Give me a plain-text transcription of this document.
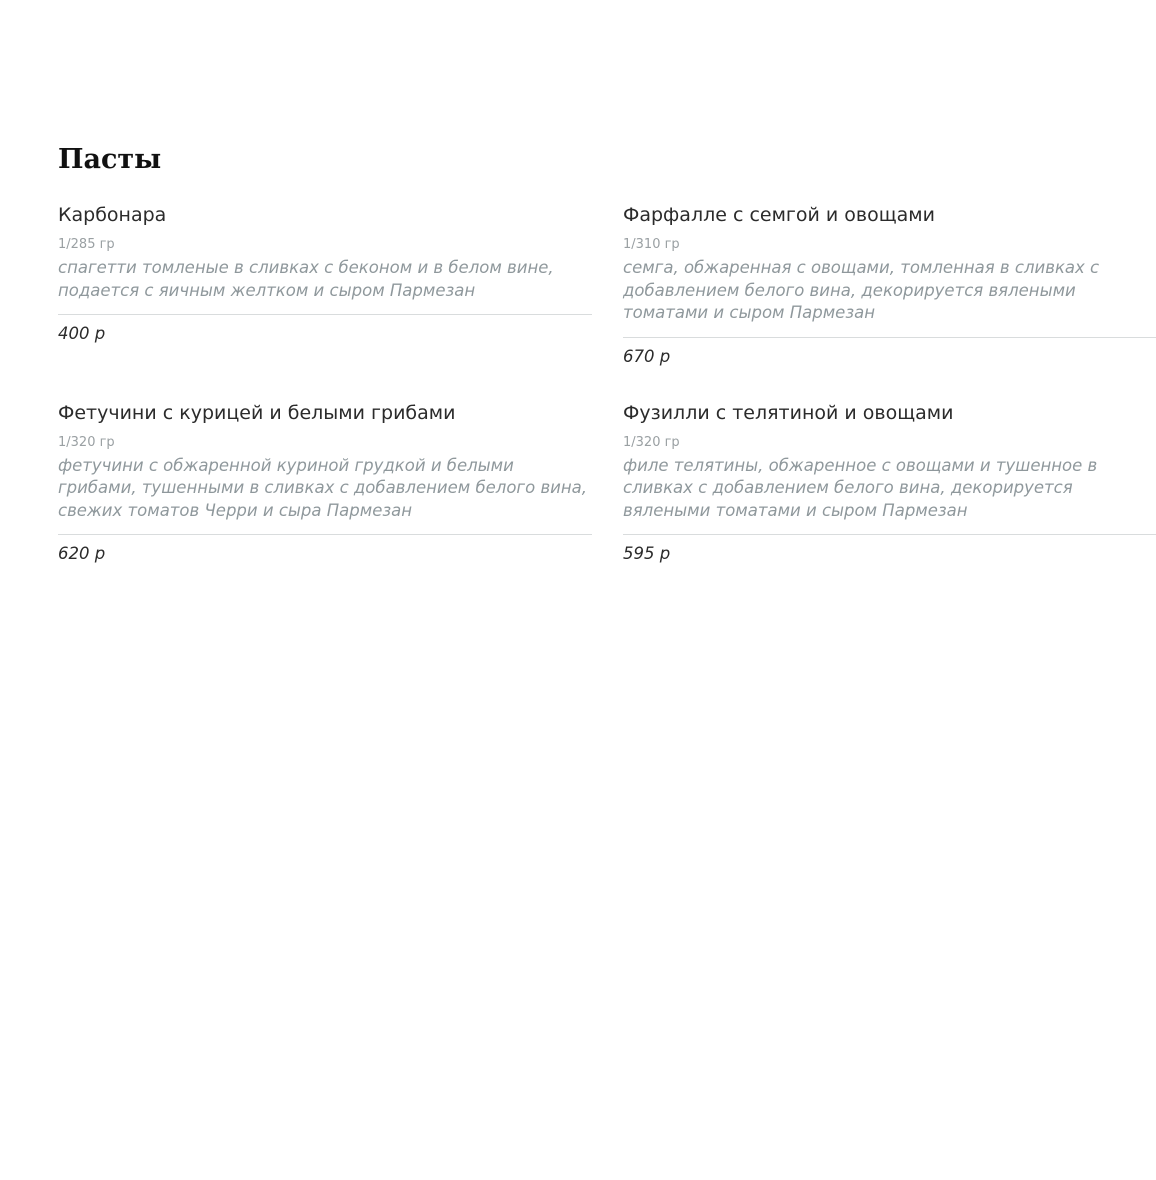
Пасты
Карбонара
1/285 гр

спагетти томленые в сливках с беконом и в белом вине, подается с яичным желтком и сыром Пармезан

400 р
Фарфалле с семгой и овощами
1/310 гр

семга, обжаренная с овощами, томленная в сливках с добавлением белого вина, декорируется вялеными томатами и сыром Пармезан

670 р
Фетучини с курицей и белыми грибами
1/320 гр

фетучини с обжаренной куриной грудкой и белыми грибами, тушенными в сливках с добавлением белого вина, свежих томатов Черри и сыра Пармезан

620 р
Фузилли с телятиной и овощами
1/320 гр

филе телятины, обжаренное с овощами и тушенное в сливках с добавлением белого вина, декорируется вялеными томатами и сыром Пармезан

595 р
